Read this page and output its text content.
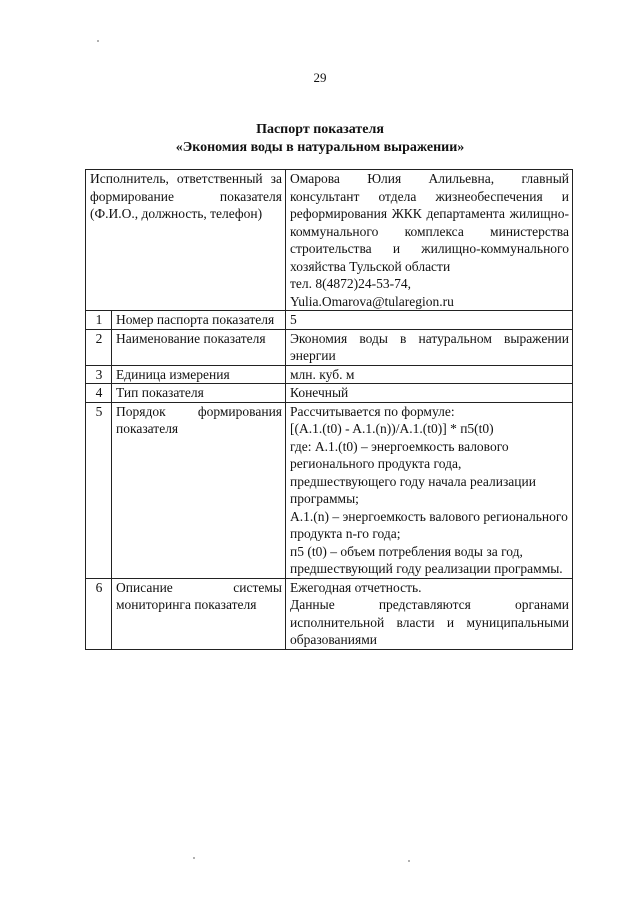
29
Паспорт показателя
«Экономия воды в натуральном выражении»
Исполнитель, ответственный за формирование показателя (Ф.И.О., должность, телефон)		Омарова Юлия Алильевна, главный консультант отдела жизнеобеспечения и реформирования ЖКК департамента жилищно-коммунального комплекса министерства строительства и жилищно-коммунального хозяйства Тульской области
тел. 8(4872)24-53-74,
Yulia.Omarova@tularegion.ru

1	Номер паспорта показателя	5
2	Наименование показателя	Экономия воды в натуральном выражении энергии
3	Единица измерения	млн. куб. м
4	Тип показателя	Конечный
5	Порядок формирования показателя	Рассчитывается по формуле:
[(A.1.(t0) - A.1.(n))/A.1.(t0)] * п5(t0)
где: А.1.(t0) – энергоемкость валового регионального продукта года, предшествующего году начала реализации программы;
А.1.(n) – энергоемкость валового регионального продукта n-го года;
п5 (t0) – объем потребления воды за год, предшествующий году реализации программы.

6	Описание системы мониторинга показателя	Ежегодная отчетность.
Данные представляются органами исполнительной власти и муниципальными образованиями
